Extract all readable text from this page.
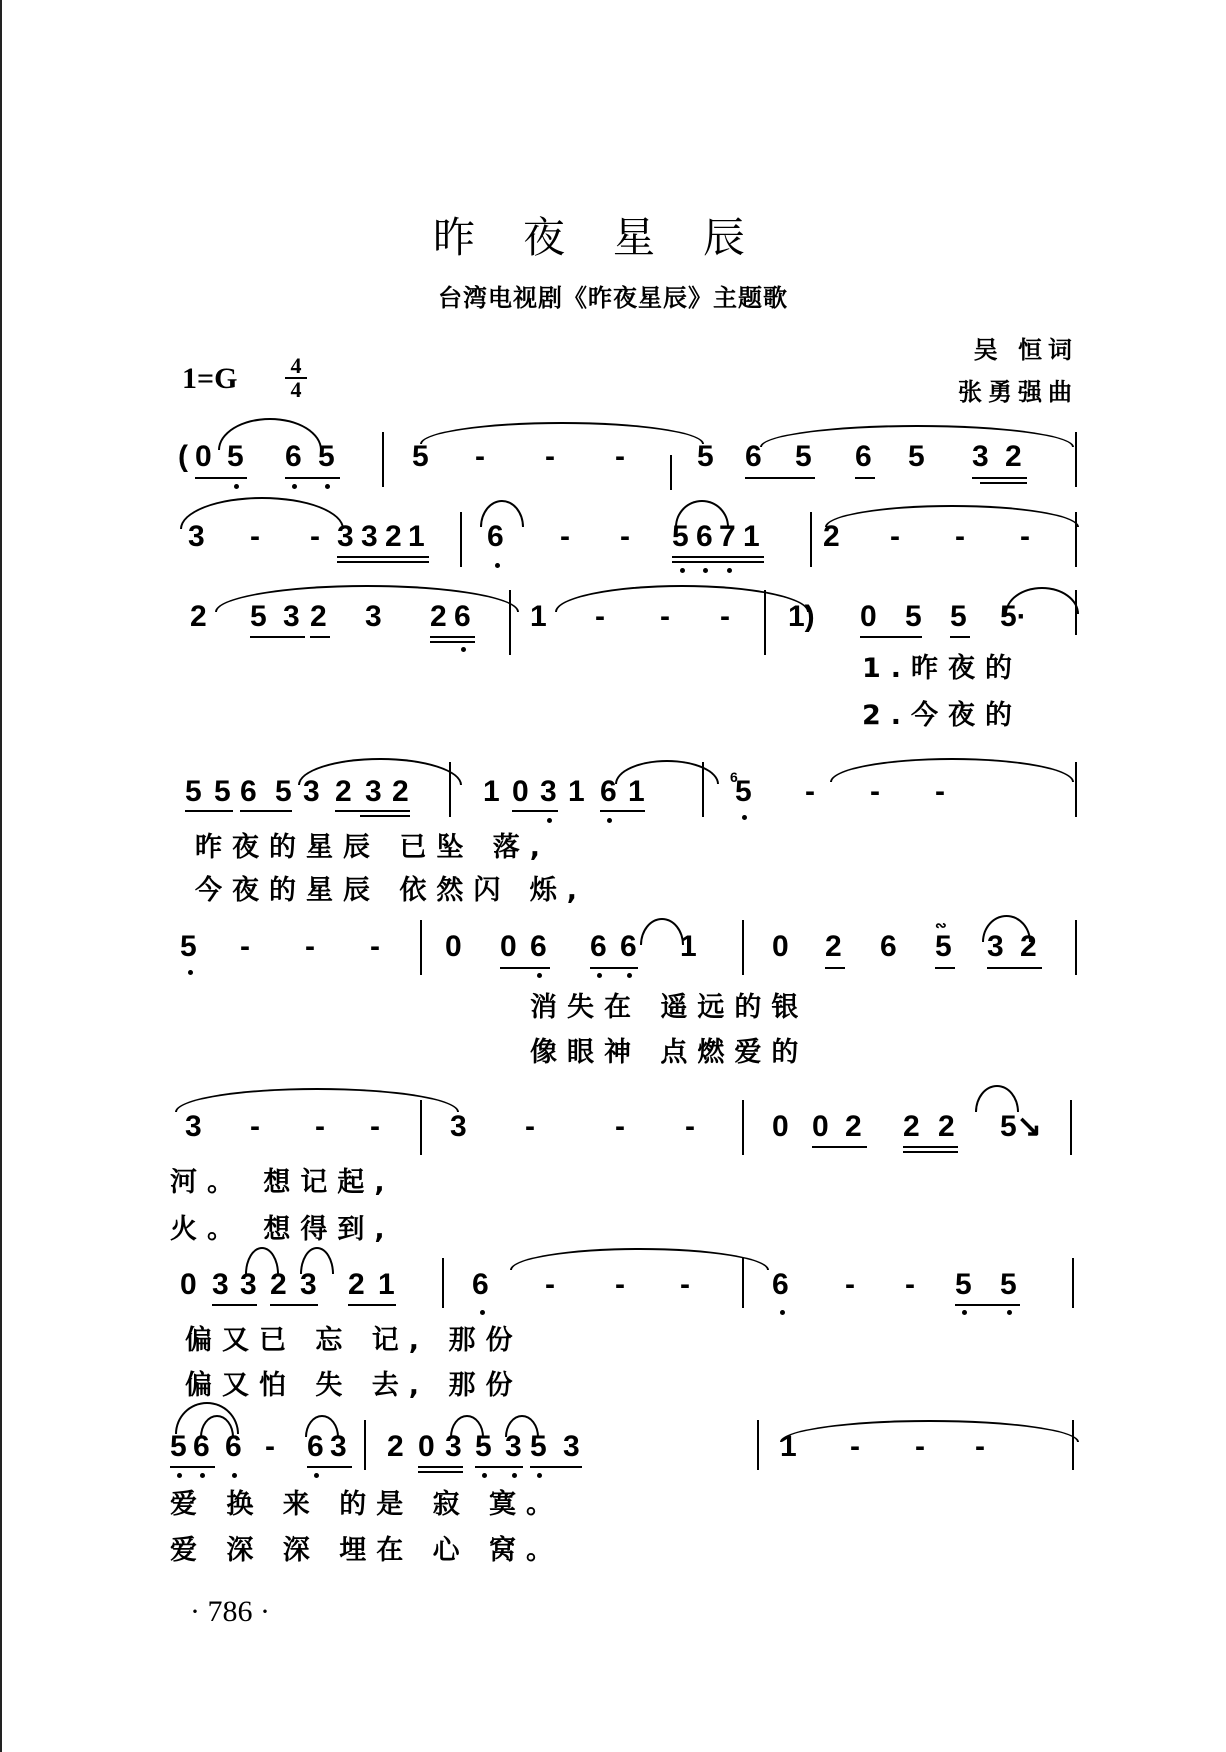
昨夜星辰
台湾电视剧《昨夜星辰》主题歌
1=G 4
4
吴 恒词
张勇强曲
( 0 5 6 5	5 - - - 5 6 5 6 5 3 2
3 - - 3 3 2 1 6 - - 5 6 7 1 2 - - -
2 5 3 2 3 2 6 1 - - - 1) 0 5 5 5·
1.昨夜的
2.今夜的
5 5 6 5 3 2 3 2 1 0 3 1 6 1	6
5 - - -
昨夜的星辰 已坠 落,
今夜的星辰 依然闪 烁,
5 - - - 0 0 6 6 6 1	0 2 6 5
∾
3 2
消失在 遥远的银
像眼神 点燃爱的
3 - - - 3 -	- -	0 0 2 2 2 5↘
河。 想记起,
火。 想得到,
0 3 3 2 3 2 1	6 - - -	6 - - 5 5
偏又已 忘 记, 那份
偏又怕 失 去, 那份
5 6 6 - 6 3 2 0 3 5 3 5 3	1 - - -
爱 换 来 的是 寂 寞。
爱 深 深 埋在 心 窝。
· 786 ·
